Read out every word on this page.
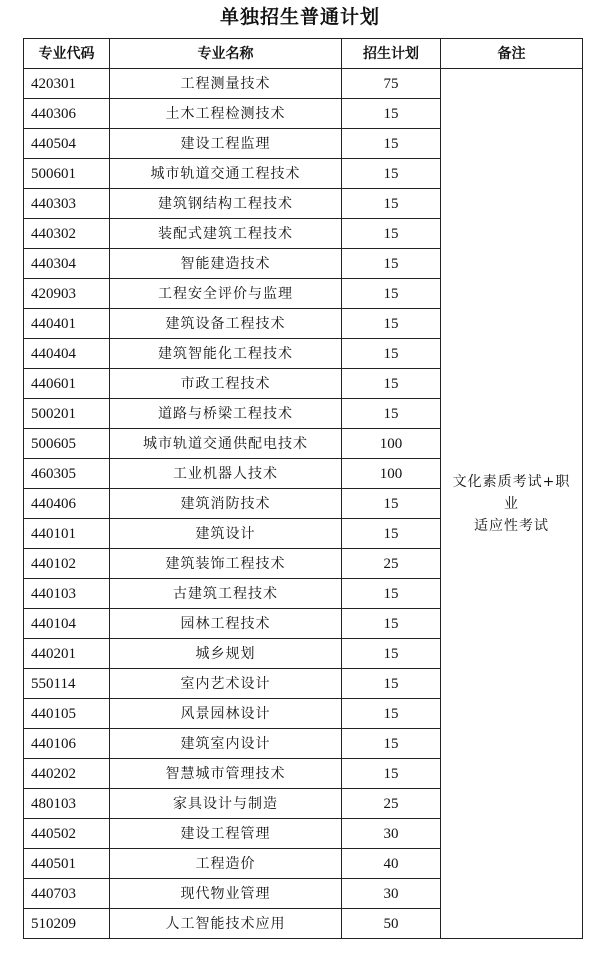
单独招生普通计划
专业代码	专业名称	招生计划	备注
420301	工程测量技术	75	文化素质考试+职业
适应性考试

440306	土木工程检测技术	15	
440504	建设工程监理	15	
500601	城市轨道交通工程技术	15	
440303	建筑钢结构工程技术	15	
440302	装配式建筑工程技术	15	
440304	智能建造技术	15	
420903	工程安全评价与监理	15	
440401	建筑设备工程技术	15	
440404	建筑智能化工程技术	15	
440601	市政工程技术	15	
500201	道路与桥梁工程技术	15	
500605	城市轨道交通供配电技术	100	
460305	工业机器人技术	100	
440406	建筑消防技术	15	
440101	建筑设计	15	
440102	建筑装饰工程技术	25	
440103	古建筑工程技术	15	
440104	园林工程技术	15	
440201	城乡规划	15	
550114	室内艺术设计	15	
440105	风景园林设计	15	
440106	建筑室内设计	15	
440202	智慧城市管理技术	15	
480103	家具设计与制造	25	
440502	建设工程管理	30	
440501	工程造价	40	
440703	现代物业管理	30	
510209	人工智能技术应用	50	
